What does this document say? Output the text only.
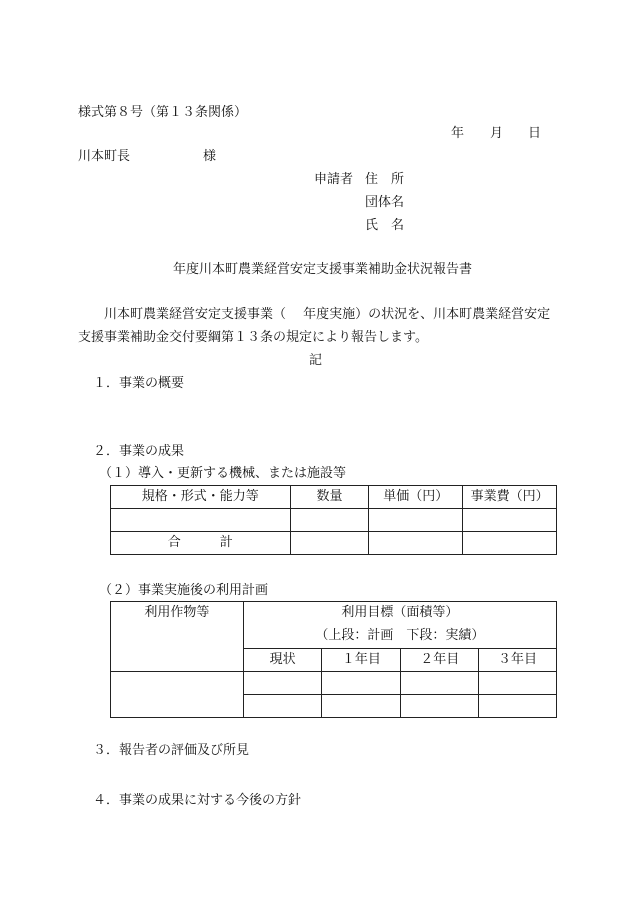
様式第８号（第１３条関係）
年 月 日
川本町長	様
申請者 住　所
団体名
氏　名
年度川本町農業経営安定支援事業補助金状況報告書
　　川本町農業経営安定支援事業（　 年度実施）の状況を、川本町農業経営安定支援事業補助金交付要綱第１３条の規定により報告します。
記
１．事業の概要
２．事業の成果
（１）導入・更新する機械、または施設等
規格・形式・能力等	数量	単価（円）	事業費（円）

合　　　計			
（２）事業実施後の利用計画
利用作物等	利用目標（面積等）			
	（上段：計画　下段：実績）			
	現状	１年目	２年目	３年目

３．報告者の評価及び所見
４．事業の成果に対する今後の方針
